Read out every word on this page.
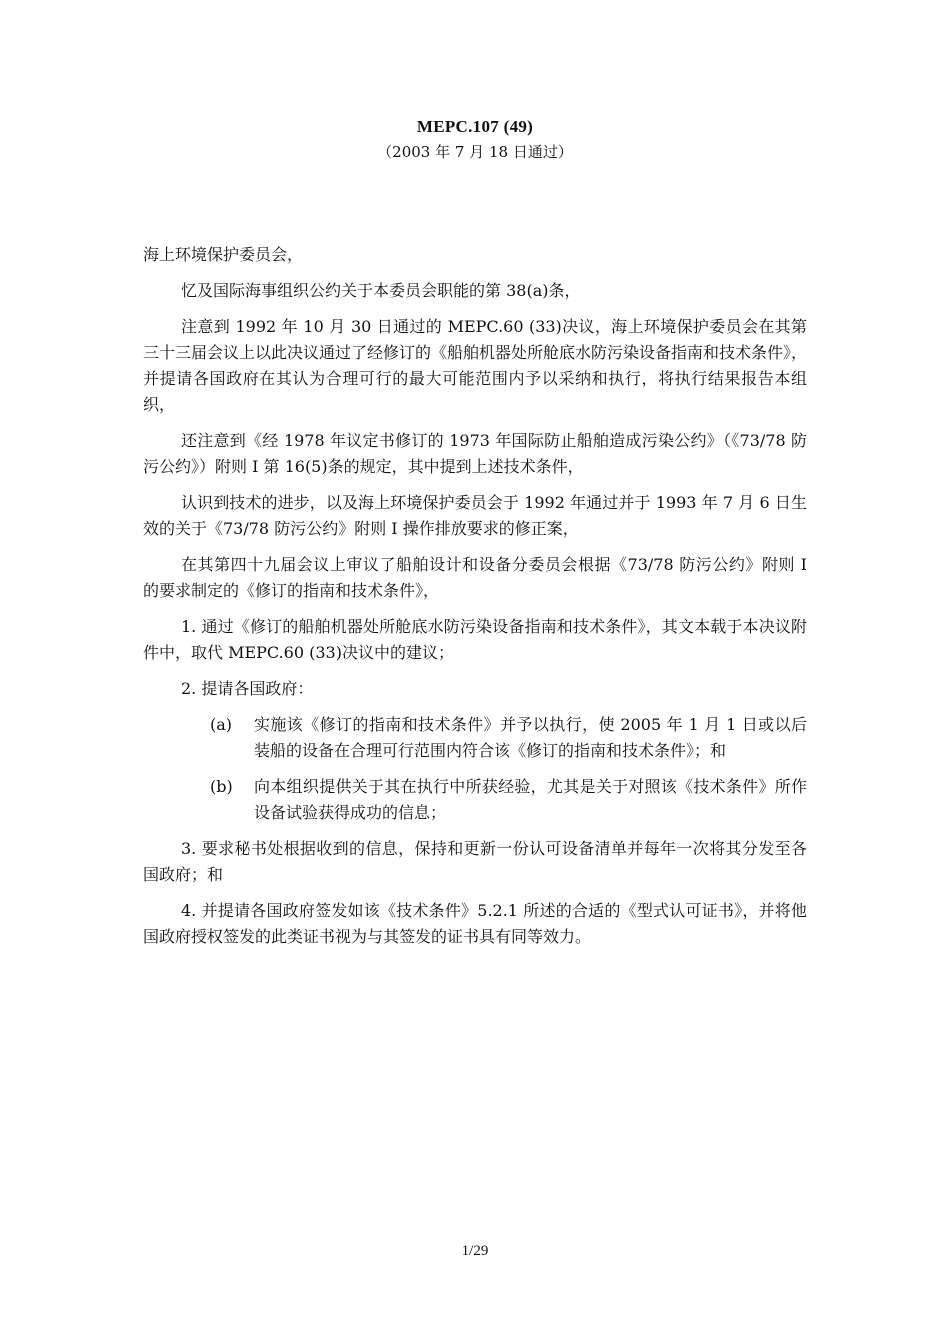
MEPC.107 (49)
（2003 年 7 月 18 日通过）

海上环境保护委员会，

忆及国际海事组织公约关于本委员会职能的第 38(a)条，

注意到 1992 年 10 月 30 日通过的 MEPC.60 (33)决议，海上环境保护委员会在其第三十三届会议上以此决议通过了经修订的《船舶机器处所舱底水防污染设备指南和技术条件》，并提请各国政府在其认为合理可行的最大可能范围内予以采纳和执行，将执行结果报告本组织，

还注意到《经 1978 年议定书修订的 1973 年国际防止船舶造成污染公约》（《73/78 防污公约》）附则 I 第 16(5)条的规定，其中提到上述技术条件，

认识到技术的进步，以及海上环境保护委员会于 1992 年通过并于 1993 年 7 月 6 日生效的关于《73/78 防污公约》附则 I 操作排放要求的修正案，

在其第四十九届会议上审议了船舶设计和设备分委员会根据《73/78 防污公约》附则 I 的要求制定的《修订的指南和技术条件》，

1. 通过《修订的船舶机器处所舱底水防污染设备指南和技术条件》，其文本载于本决议附件中，取代 MEPC.60 (33)决议中的建议；

2. 提请各国政府：

(a)	实施该《修订的指南和技术条件》并予以执行，使 2005 年 1 月 1 日或以后装船的设备在合理可行范围内符合该《修订的指南和技术条件》；和
(b)	向本组织提供关于其在执行中所获经验，尤其是关于对照该《技术条件》所作设备试验获得成功的信息；

3. 要求秘书处根据收到的信息，保持和更新一份认可设备清单并每年一次将其分发至各国政府；和

4. 并提请各国政府签发如该《技术条件》5.2.1 所述的合适的《型式认可证书》，并将他国政府授权签发的此类证书视为与其签发的证书具有同等效力。

1/29
